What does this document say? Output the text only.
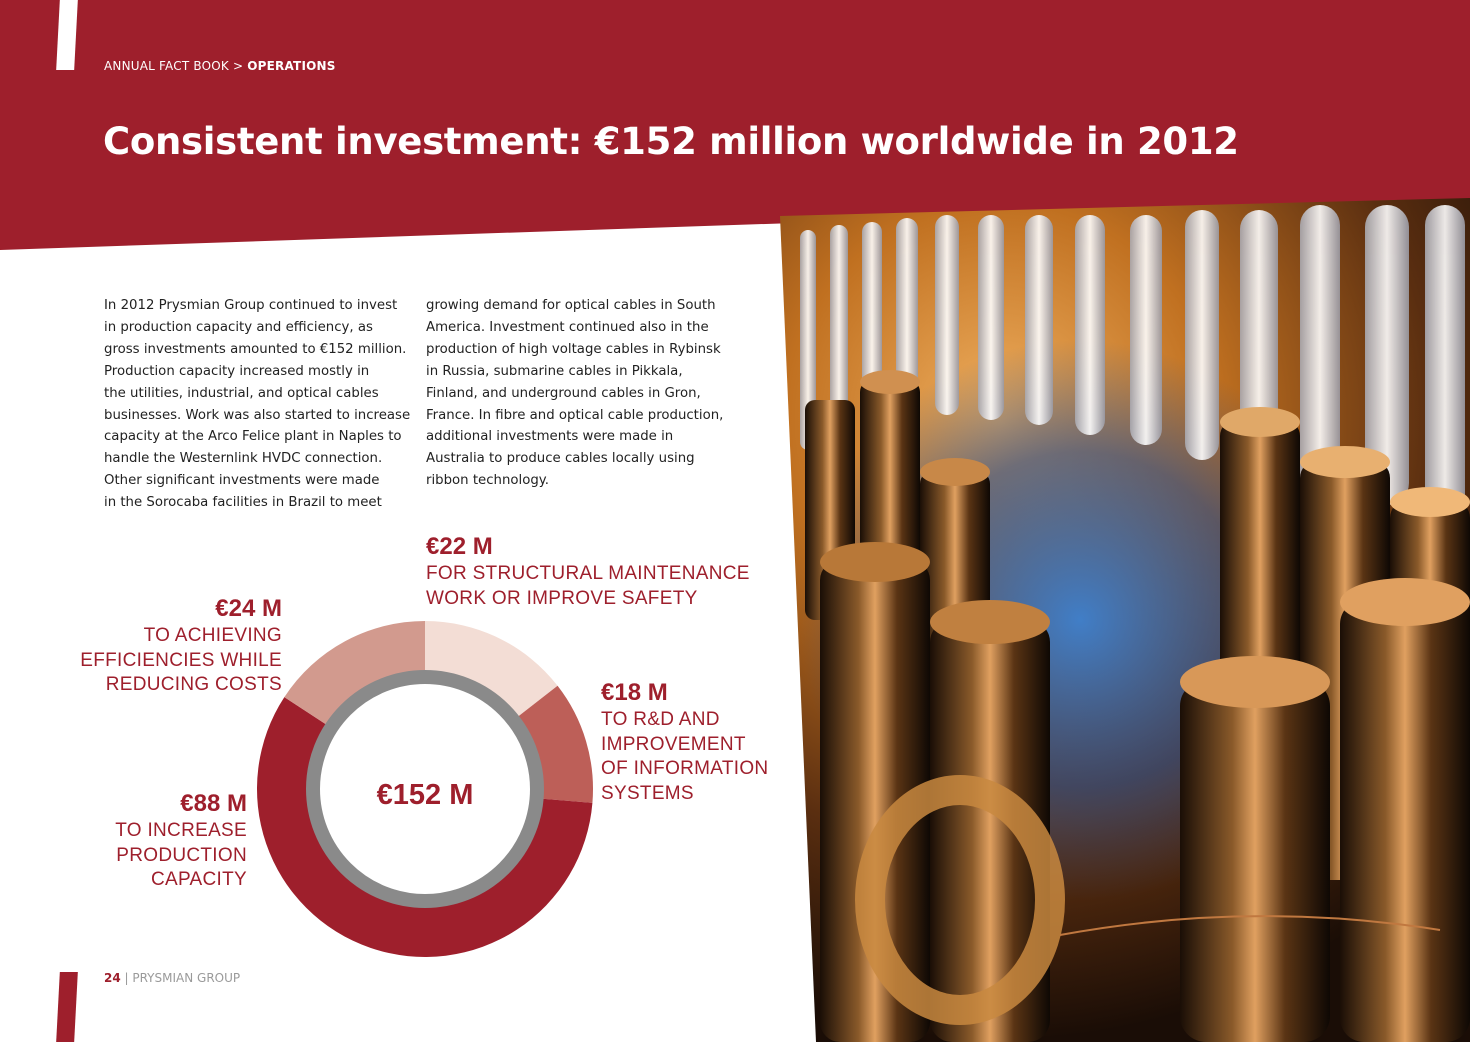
ANNUAL FACT BOOK > OPERATIONS
Consistent investment: €152 million worldwide in 2012
In 2012 Prysmian Group continued to invest
in production capacity and efficiency, as
gross investments amounted to €152 million.
Production capacity increased mostly in
the utilities, industrial, and optical cables
businesses. Work was also started to increase
capacity at the Arco Felice plant in Naples to
handle the Westernlink HVDC connection.
Other significant investments were made
in the Sorocaba facilities in Brazil to meet
growing demand for optical cables in South
America. Investment continued also in the
production of high voltage cables in Rybinsk
in Russia, submarine cables in Pikkala,
Finland, and underground cables in Gron,
France. In fibre and optical cable production,
additional investments were made in
Australia to produce cables locally using
ribbon technology.
€152 M
€22 M
FOR STRUCTURAL MAINTENANCE
WORK OR IMPROVE SAFETY
€18 M
TO R&D AND
IMPROVEMENT
OF INFORMATION
SYSTEMS
€24 M
TO ACHIEVING
EFFICIENCIES WHILE
REDUCING COSTS
€88 M
TO INCREASE
PRODUCTION
CAPACITY
24 | PRYSMIAN GROUP
